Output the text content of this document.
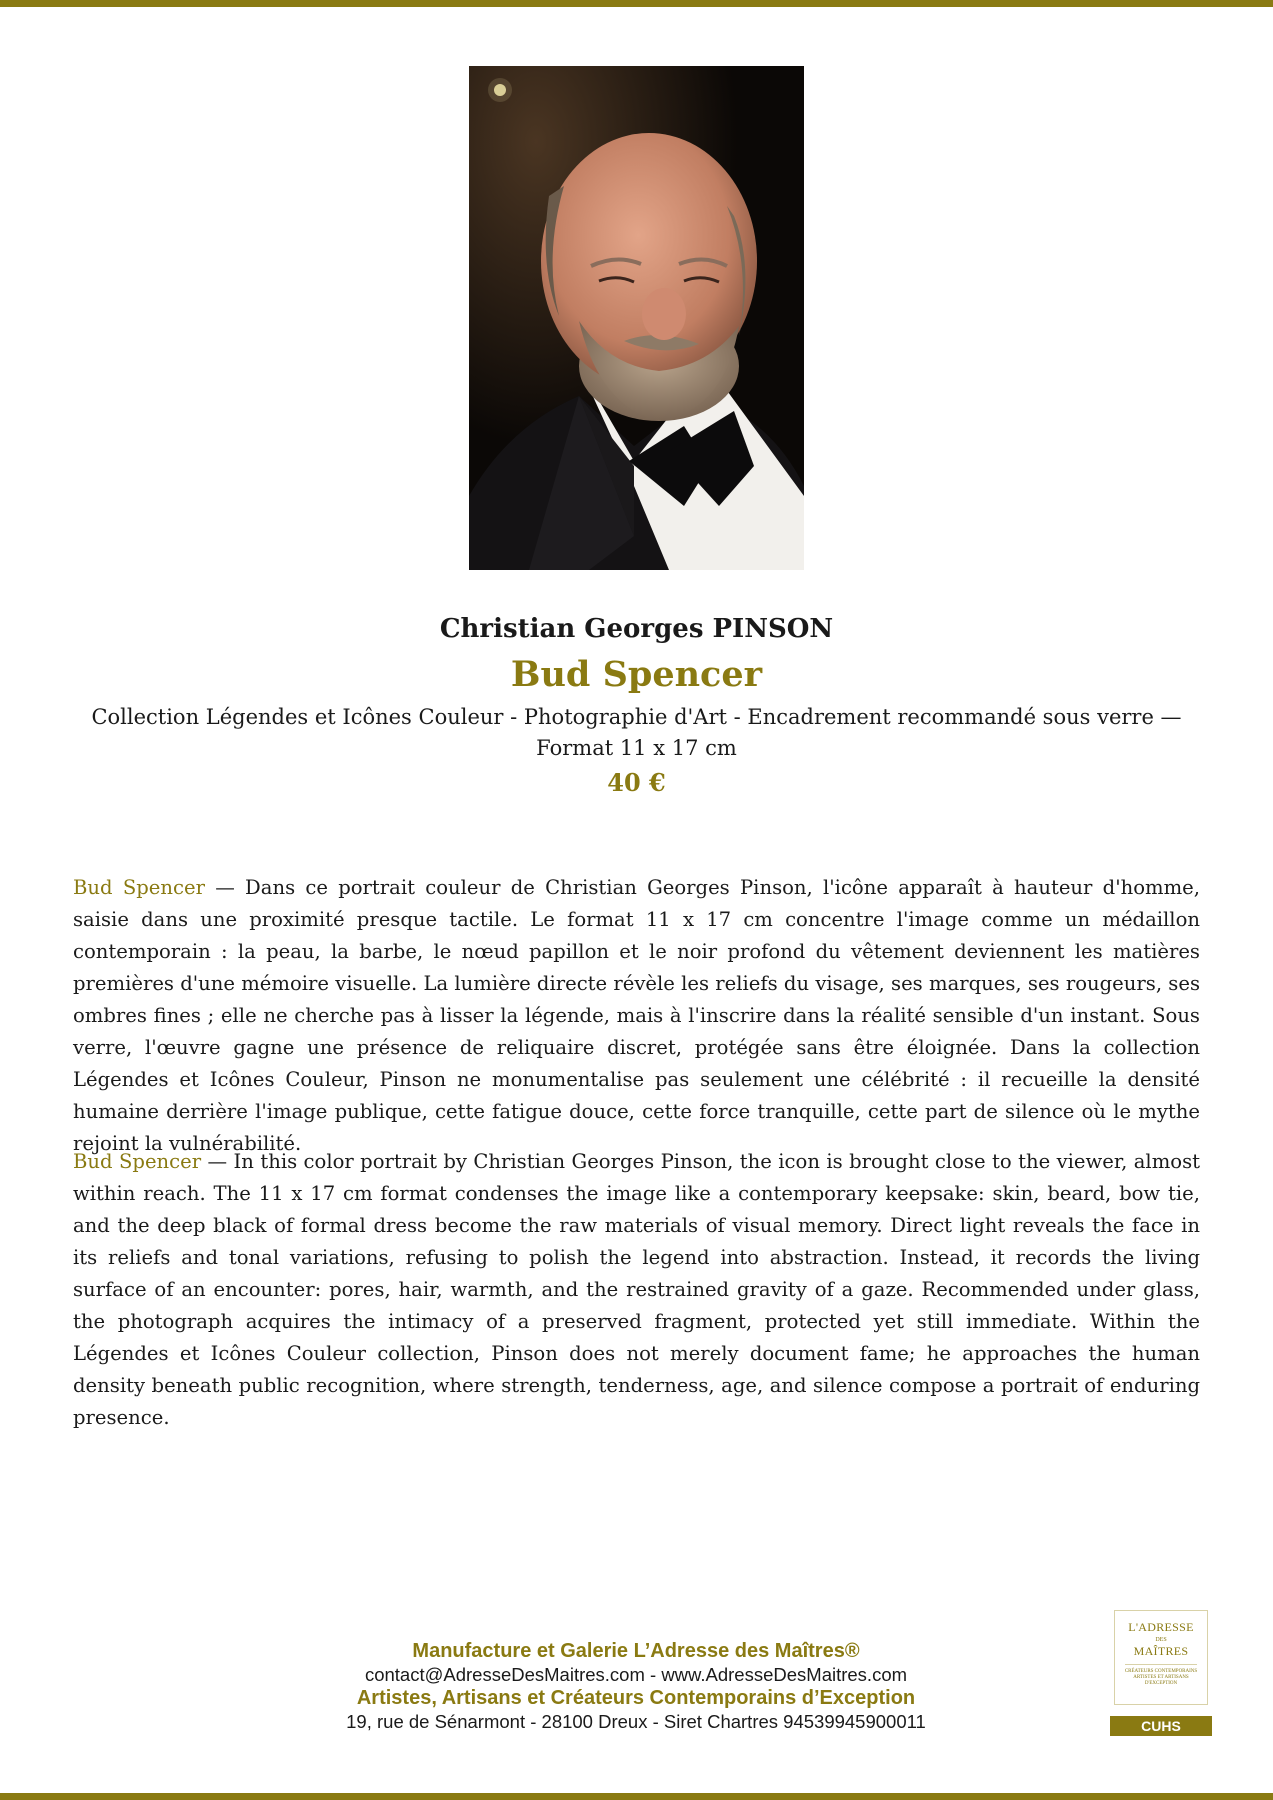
Christian Georges PINSON
Bud Spencer
Collection Légendes et Icônes Couleur - Photographie d'Art - Encadrement recommandé sous verre — Format 11 x 17 cm
40 €

Bud Spencer — Dans ce portrait couleur de Christian Georges Pinson, l'icône apparaît à hauteur d'homme, saisie dans une proximité presque tactile. Le format 11 x 17 cm concentre l'image comme un médaillon contemporain : la peau, la barbe, le nœud papillon et le noir profond du vêtement deviennent les matières premières d'une mémoire visuelle. La lumière directe révèle les reliefs du visage, ses marques, ses rougeurs, ses ombres fines ; elle ne cherche pas à lisser la légende, mais à l'inscrire dans la réalité sensible d'un instant. Sous verre, l'œuvre gagne une présence de reliquaire discret, protégée sans être éloignée. Dans la collection Légendes et Icônes Couleur, Pinson ne monumentalise pas seulement une célébrité : il recueille la densité humaine derrière l'image publique, cette fatigue douce, cette force tranquille, cette part de silence où le mythe rejoint la vulnérabilité.

Bud Spencer — In this color portrait by Christian Georges Pinson, the icon is brought close to the viewer, almost within reach. The 11 x 17 cm format condenses the image like a contemporary keepsake: skin, beard, bow tie, and the deep black of formal dress become the raw materials of visual memory. Direct light reveals the face in its reliefs and tonal variations, refusing to polish the legend into abstraction. Instead, it records the living surface of an encounter: pores, hair, warmth, and the restrained gravity of a gaze. Recommended under glass, the photograph acquires the intimacy of a preserved fragment, protected yet still immediate. Within the Légendes et Icônes Couleur collection, Pinson does not merely document fame; he approaches the human density beneath public recognition, where strength, tenderness, age, and silence compose a portrait of enduring presence.

Manufacture et Galerie L’Adresse des Maîtres®
contact@AdresseDesMaitres.com - www.AdresseDesMaitres.com
Artistes, Artisans et Créateurs Contemporains d’Exception
19, rue de Sénarmont - 28100 Dreux - Siret Chartres 94539945900011
L'ADRESSE
DES
MAÎTRES
CRÉATEURS CONTEMPORAINS ARTISTES ET ARTISANS D'EXCEPTION
CUHS
